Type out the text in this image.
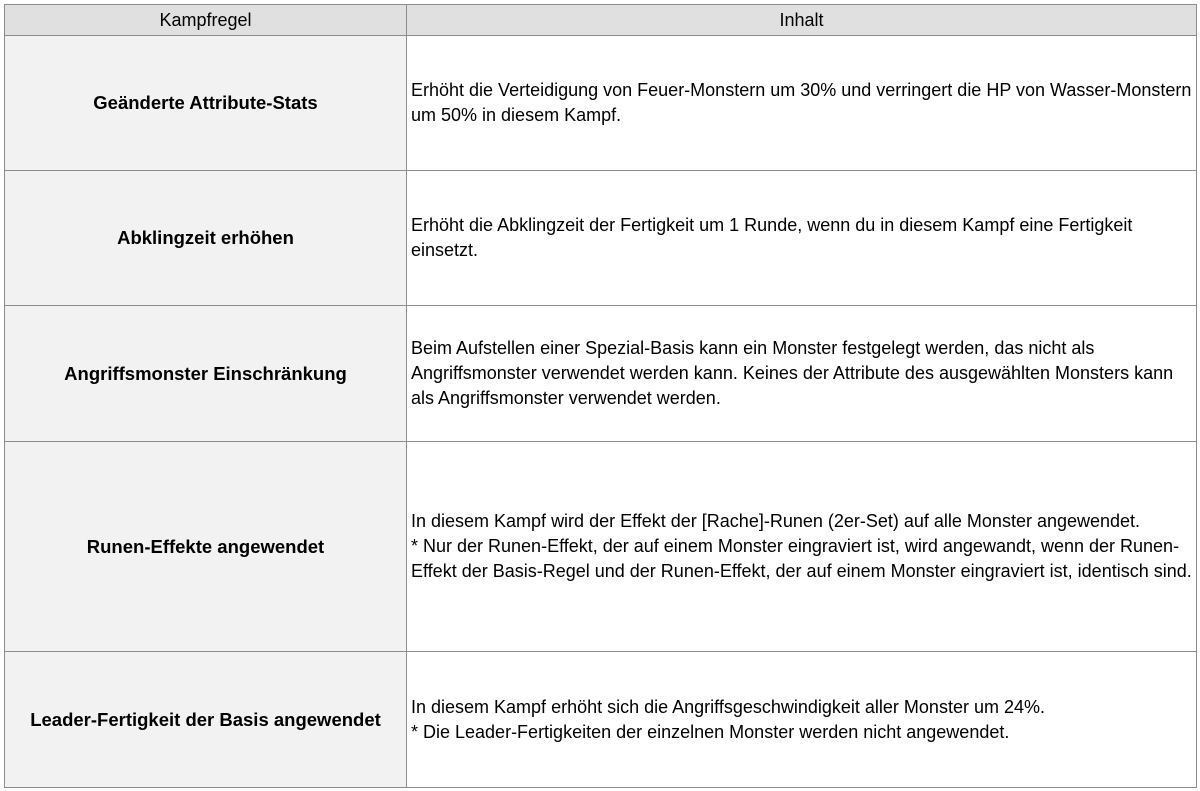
Kampfregel	Inhalt
Geänderte Attribute-Stats	Erhöht die Verteidigung von Feuer-Monstern um 30% und verringert die HP von Wasser-Monstern um 50% in diesem Kampf.

Abklingzeit erhöhen	Erhöht die Abklingzeit der Fertigkeit um 1 Runde, wenn du in diesem Kampf eine Fertigkeit einsetzt.

Angriffsmonster Einschränkung	Beim Aufstellen einer Spezial-Basis kann ein Monster festgelegt werden, das nicht als Angriffsmonster verwendet werden kann. Keines der Attribute des ausgewählten Monsters kann als Angriffsmonster verwendet werden.

Runen-Effekte angewendet	In diesem Kampf wird der Effekt der [Rache]-Runen (2er-Set) auf alle Monster angewendet.

* Nur der Runen-Effekt, der auf einem Monster eingraviert ist, wird angewandt, wenn der Runen-Effekt der Basis-Regel und der Runen-Effekt, der auf einem Monster eingraviert ist, identisch sind.

Leader-Fertigkeit der Basis angewendet	In diesem Kampf erhöht sich die Angriffsgeschwindigkeit aller Monster um 24%.

* Die Leader-Fertigkeiten der einzelnen Monster werden nicht angewendet.
